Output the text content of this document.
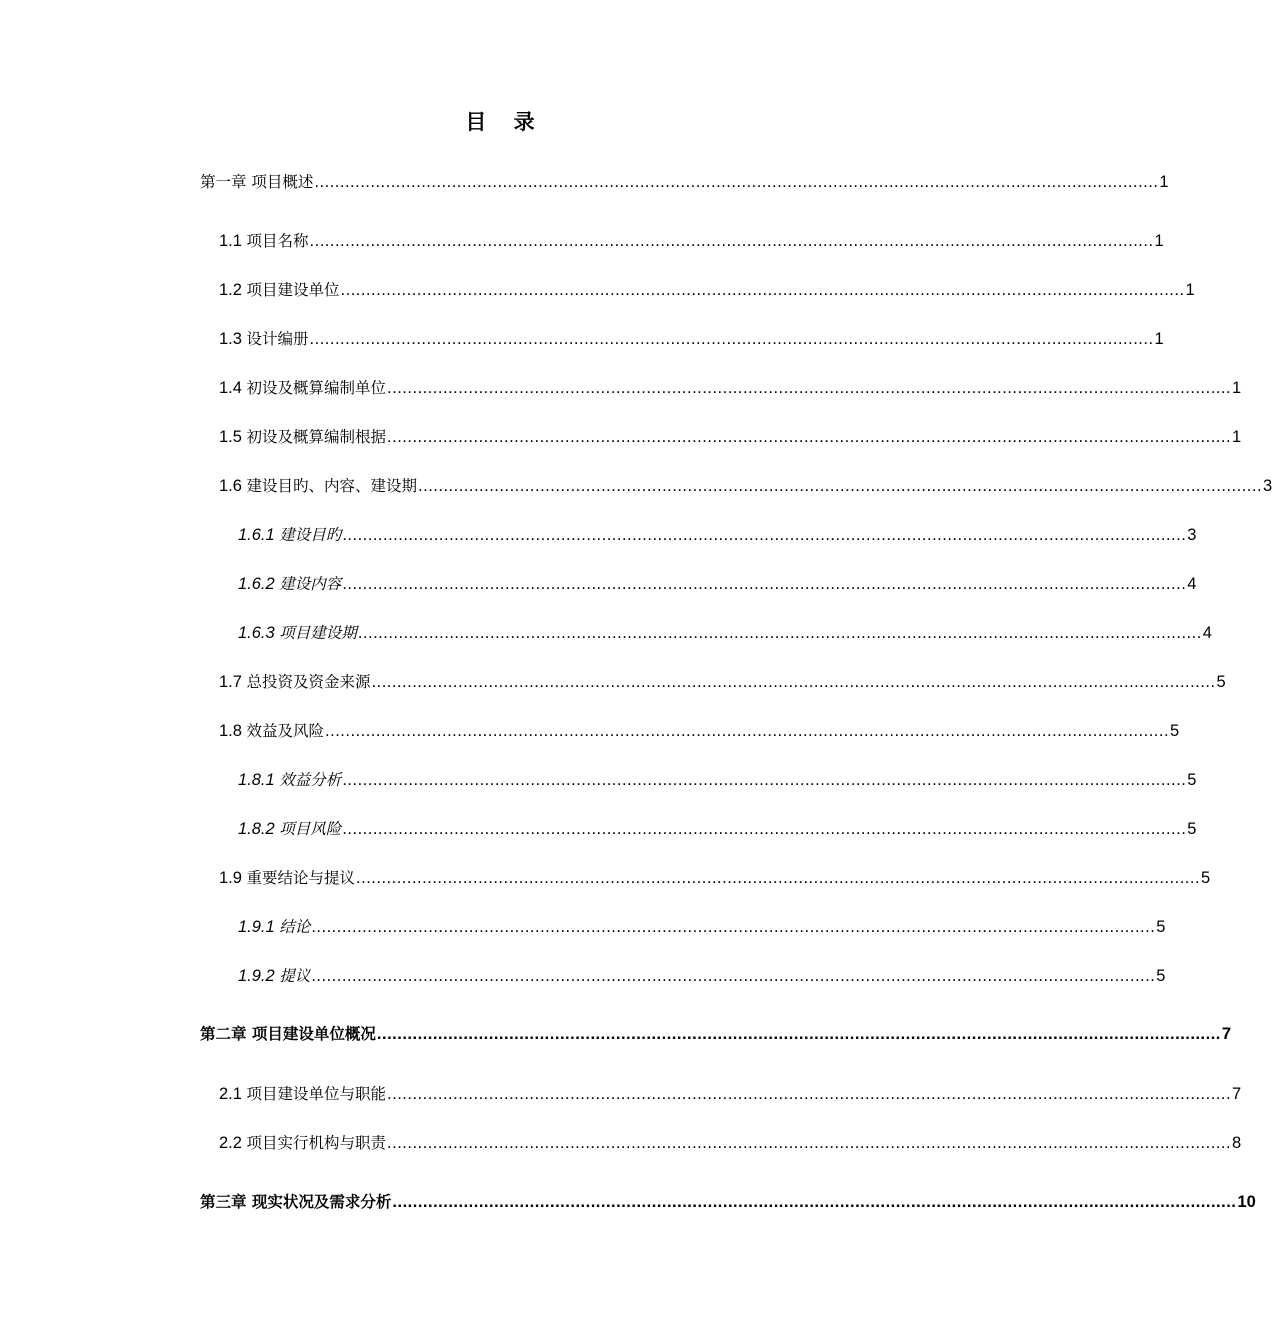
目 录
第一章 项目概述 ...................................................................................................................................................................... 1
1.1 项目名称 ...................................................................................................................................................................... 1
1.2 项目建设单位 ...................................................................................................................................................................... 1
1.3 设计编册 ...................................................................................................................................................................... 1
1.4 初设及概算编制单位 ...................................................................................................................................................................... 1
1.5 初设及概算编制根据 ...................................................................................................................................................................... 1
1.6 建设目旳、内容、建设期 ...................................................................................................................................................................... 3
1.6.1 建设目旳 ...................................................................................................................................................................... 3
1.6.2 建设内容 ...................................................................................................................................................................... 4
1.6.3 项目建设期 ...................................................................................................................................................................... 4
1.7 总投资及资金来源 ...................................................................................................................................................................... 5
1.8 效益及风险 ...................................................................................................................................................................... 5
1.8.1 效益分析 ...................................................................................................................................................................... 5
1.8.2 项目风险 ...................................................................................................................................................................... 5
1.9 重要结论与提议 ...................................................................................................................................................................... 5
1.9.1 结论 ...................................................................................................................................................................... 5
1.9.2 提议 ...................................................................................................................................................................... 5
第二章 项目建设单位概况 ...................................................................................................................................................................... 7
2.1 项目建设单位与职能 ...................................................................................................................................................................... 7
2.2 项目实行机构与职责 ...................................................................................................................................................................... 8
第三章 现实状况及需求分析 ...................................................................................................................................................................... 10
